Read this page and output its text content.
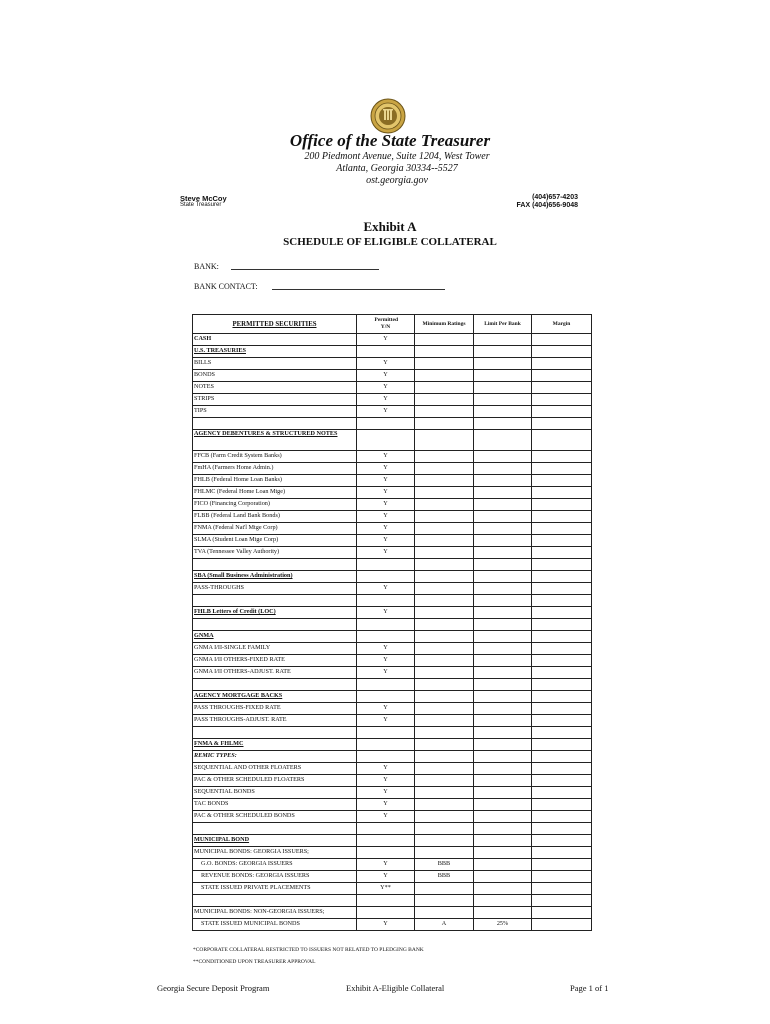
Office of the State Treasurer
200 Piedmont Avenue, Suite 1204, West Tower
Atlanta, Georgia 30334--5527
ost.georgia.gov
Steve McCoy
State Treasurer
(404)657-4203
FAX (404)656-9048
Exhibit A
SCHEDULE OF ELIGIBLE COLLATERAL
BANK:
BANK CONTACT:
PERMITTED SECURITIES	Permitted Y/N	Minimum Ratings	Limit Per Bank	Margin
CASH	Y			
U.S. TREASURIES				
BILLS	Y			
BONDS	Y			
NOTES	Y			
STRIPS	Y			
TIPS	Y			

AGENCY DEBENTURES & STRUCTURED NOTES				
FFCB (Farm Credit System Banks)	Y			
FmHA (Farmers Home Admin.)	Y			
FHLB (Federal Home Loan Banks)	Y			
FHLMC (Federal Home Loan Mtge)	Y			
FICO (Financing Corporation)	Y			
FLBB (Federal Land Bank Bonds)	Y			
FNMA (Federal Nat'l Mtge Corp)	Y			
SLMA (Student Loan Mtge Corp)	Y			
TVA (Tennessee Valley Authority)	Y			

SBA (Small Business Administration)				
PASS-THROUGHS	Y			

FHLB Letters of Credit (LOC)	Y			

GNMA				
GNMA I/II-SINGLE FAMILY	Y			
GNMA I/II OTHERS-FIXED RATE	Y			
GNMA I/II OTHERS-ADJUST. RATE	Y			

AGENCY MORTGAGE BACKS				
PASS THROUGHS-FIXED RATE	Y			
PASS THROUGHS-ADJUST. RATE	Y			

FNMA & FHLMC				
REMIC TYPES:				
SEQUENTIAL AND OTHER FLOATERS	Y			
PAC & OTHER SCHEDULED FLOATERS	Y			
SEQUENTIAL BONDS	Y			
TAC BONDS	Y			
PAC & OTHER SCHEDULED BONDS	Y			

MUNICIPAL BOND				
MUNICIPAL BONDS: GEORGIA ISSUERS;				
G.O. BONDS: GEORGIA ISSUERS	Y	BBB		
REVENUE BONDS: GEORGIA ISSUERS	Y	BBB		
STATE ISSUED PRIVATE PLACEMENTS	Y**			

MUNICIPAL BONDS: NON-GEORGIA ISSUERS;				
STATE ISSUED MUNICIPAL BONDS	Y	A	25%	
*CORPORATE COLLATERAL RESTRICTED TO ISSUERS NOT RELATED TO PLEDGING BANK
**CONDITIONED UPON TREASURER APPROVAL
Georgia Secure Deposit Program	Exhibit A-Eligible Collateral	Page 1 of 1
